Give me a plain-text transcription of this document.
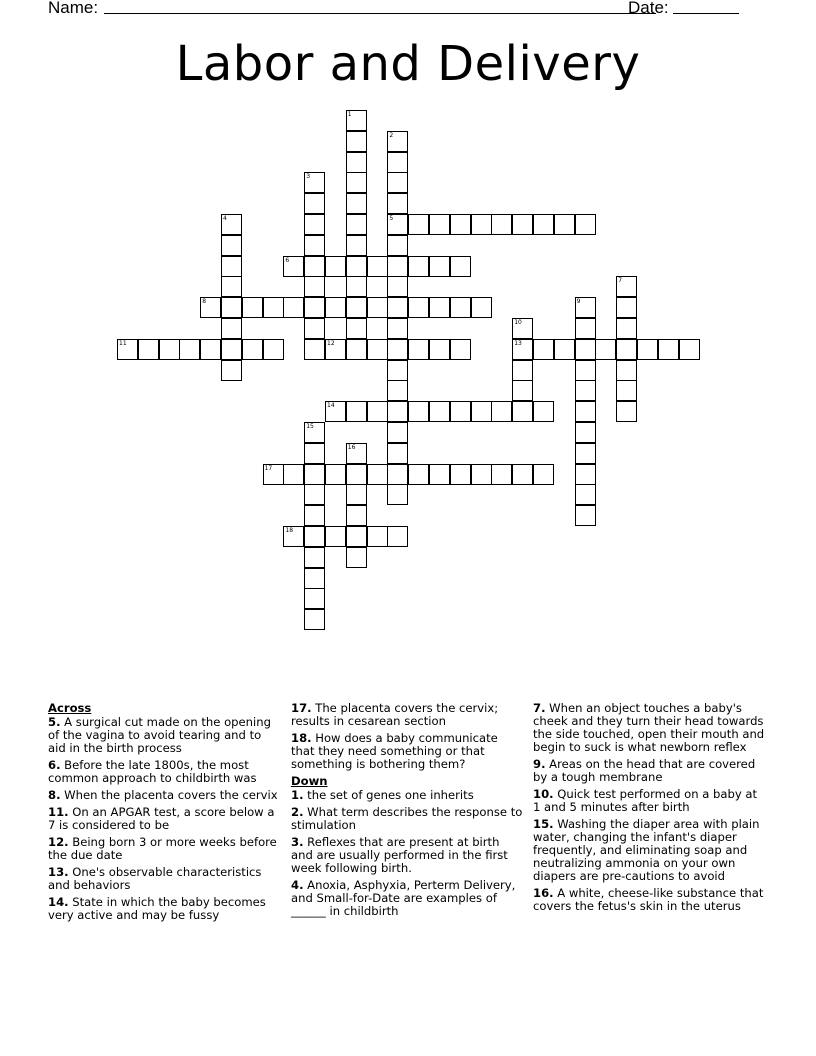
Name:	Date:
Labor and Delivery
1
2
5
3
4
6
7
8	9
10
13
11	12
14
15
16
17
18
Across
5. A surgical cut made on the opening of the vagina to avoid tearing and to aid in the birth process
6. Before the late 1800s, the most common approach to childbirth was
8. When the placenta covers the cervix
11. On an APGAR test, a score below a 7 is considered to be
12. Being born 3 or more weeks before the due date
13. One's observable characteristics and behaviors
14. State in which the baby becomes very active and may be fussy
17. The placenta covers the cervix; results in cesarean section
18. How does a baby communicate that they need something or that something is bothering them?
Down
1. the set of genes one inherits
2. What term describes the response to stimulation
3. Reflexes that are present at birth and are usually performed in the first week following birth.
4. Anoxia, Asphyxia, Perterm Delivery, and Small-for-Date are examples of ______ in childbirth
7. When an object touches a baby's cheek and they turn their head towards the side touched, open their mouth and begin to suck is what newborn reflex
9. Areas on the head that are covered by a tough membrane
10. Quick test performed on a baby at 1 and 5 minutes after birth
15. Washing the diaper area with plain water, changing the infant's diaper frequently, and eliminating soap and neutralizing ammonia on your own diapers are pre-cautions to avoid
16. A white, cheese-like substance that covers the fetus's skin in the uterus
